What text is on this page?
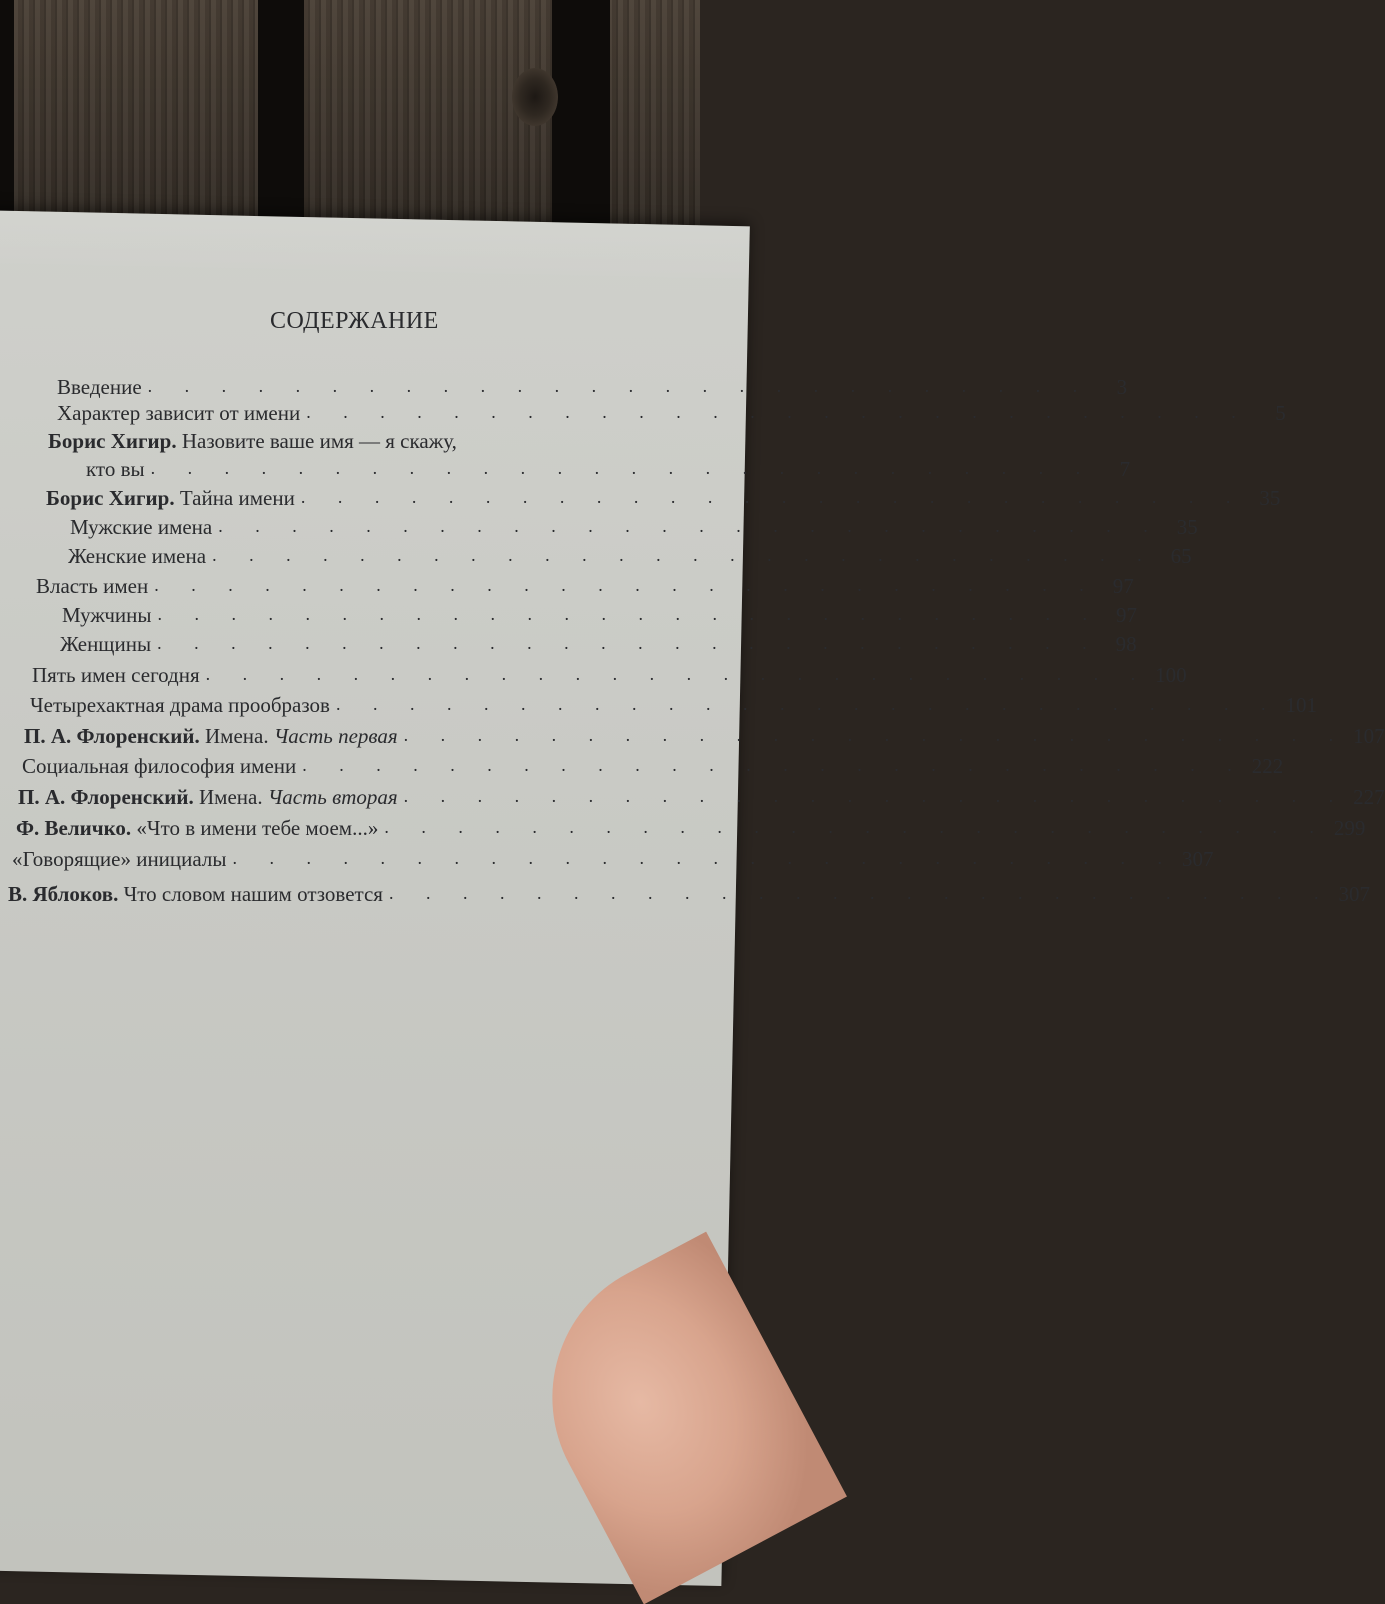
СОДЕРЖАНИЕ
Введение . . . . . . . . . . . . . . . . . . . . . . . . . .	3
Характер зависит от имени . . . . . . . . . . . . . . . . . . . . . . . . . .	5
Борис Хигир. Назовите ваше имя — я скажу,
кто вы . . . . . . . . . . . . . . . . . . . . . . . . . .	7
Борис Хигир. Тайна имени . . . . . . . . . . . . . . . . . . . . . . . . . . 35
Мужские имена . . . . . . . . . . . . . . . . . . . . . . . . . . 35
Женские имена . . . . . . . . . . . . . . . . . . . . . . . . . . 65
Власть имен . . . . . . . . . . . . . . . . . . . . . . . . . . 97
Мужчины . . . . . . . . . . . . . . . . . . . . . . . . . . 97
Женщины . . . . . . . . . . . . . . . . . . . . . . . . . . 98
Пять имен сегодня . . . . . . . . . . . . . . . . . . . . . . . . . . 100
Четырехактная драма прообразов . . . . . . . . . . . . . . . . . . . . . . . . . . 101
П. А. Флоренский. Имена. Часть первая . . . . . . . . . . . . . . . . . . . . . . . . . . 107
Социальная философия имени . . . . . . . . . . . . . . . . . . . . . . . . . . 222
П. А. Флоренский. Имена. Часть вторая . . . . . . . . . . . . . . . . . . . . . . . . . . 227
Ф. Величко. «Что в имени тебе моем...» . . . . . . . . . . . . . . . . . . . . . . . . . . 299
«Говорящие» инициалы . . . . . . . . . . . . . . . . . . . . . . . . . . 307
В. Яблоков. Что словом нашим отзовется . . . . . . . . . . . . . . . . . . . . . . . . . . 307
